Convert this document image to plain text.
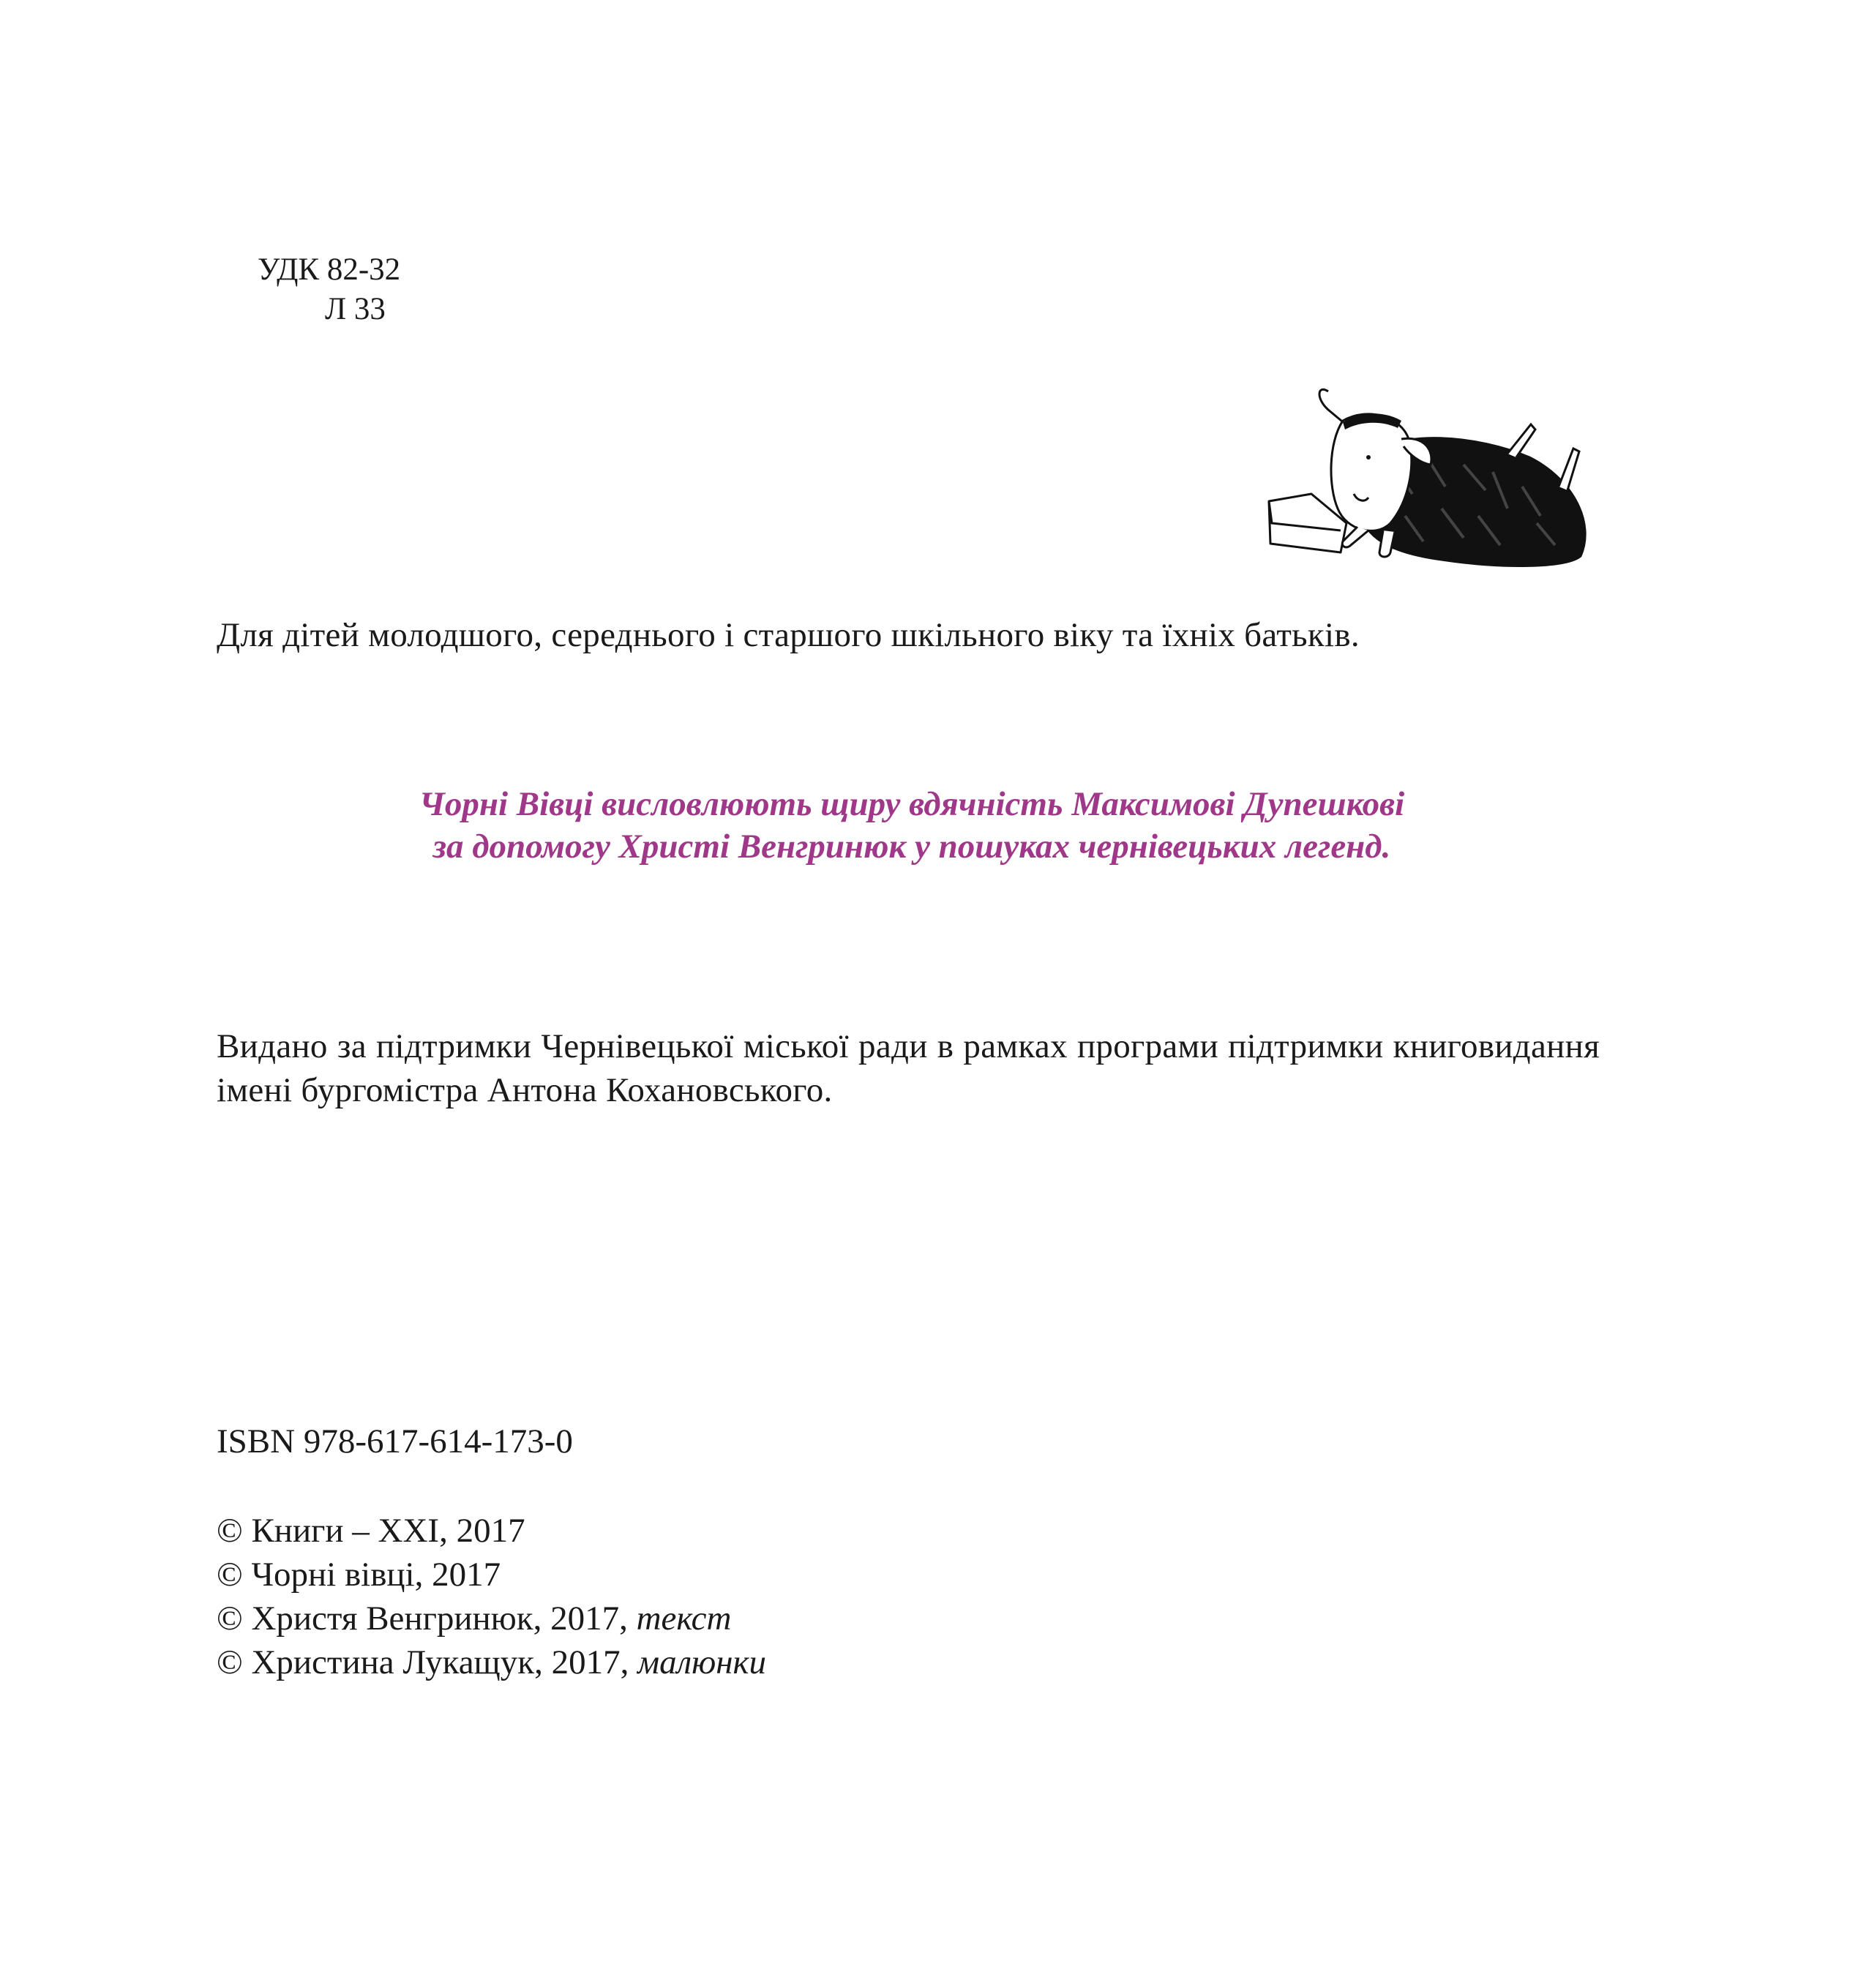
УДК 82-32
Л 33
Для дітей молодшого, середнього і старшого шкільного віку та їхніх батьків.
Чорні Вівці висловлюють щиру вдячність Максимові Дупешкові
за допомогу Христі Венгринюк у пошуках чернівецьких легенд.
Видано за підтримки Чернівецької міської ради в рамках програми підтримки книговидання імені бургомістра Антона Кохановського.
ISBN 978-617-614-173-0
© Книги – XXI, 2017
© Чорні вівці, 2017
© Христя Венгринюк, 2017, текст
© Христина Лукащук, 2017, малюнки
